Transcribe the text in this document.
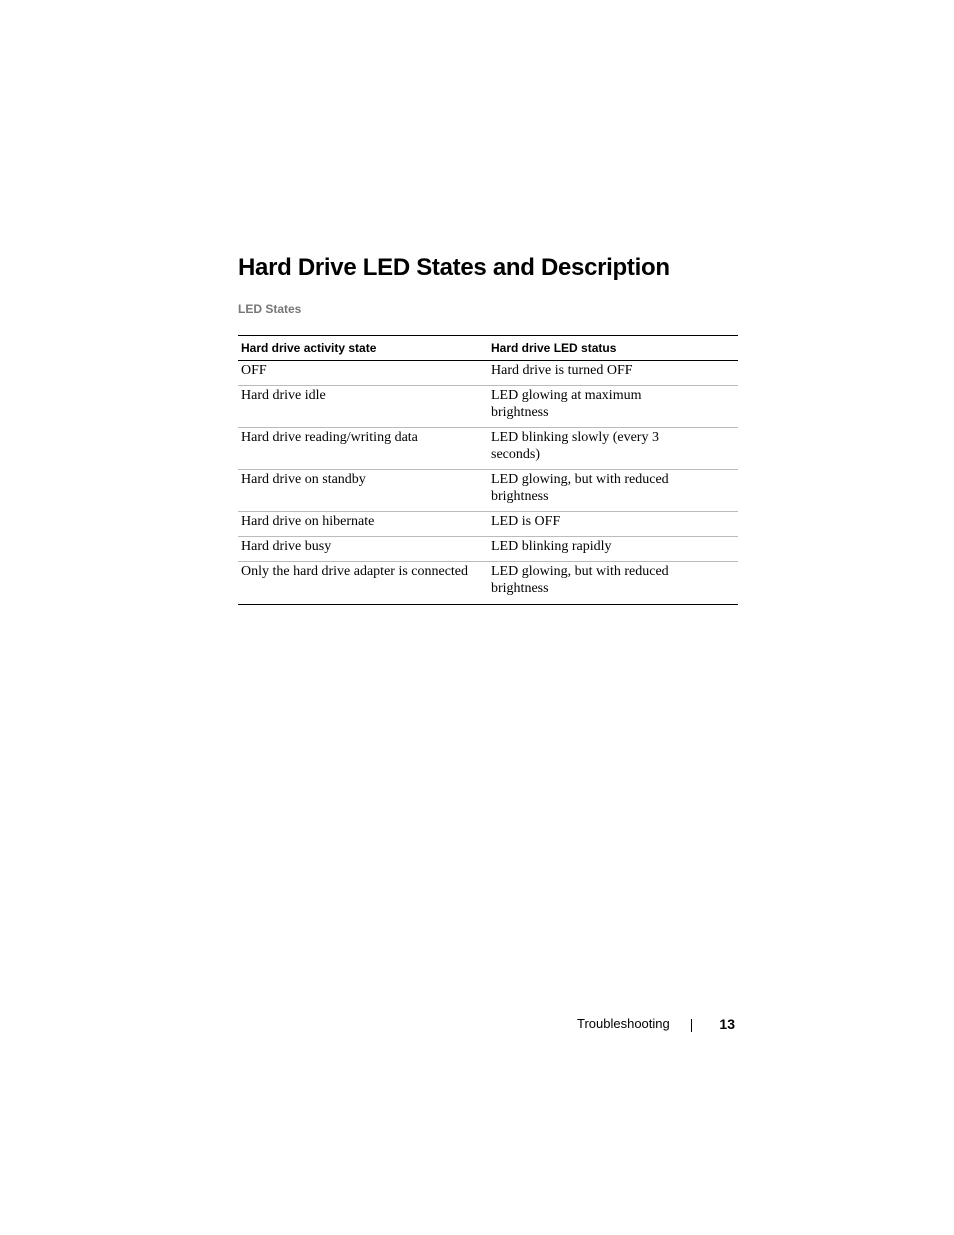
Hard Drive LED States and Description
LED States
Hard drive activity state	Hard drive LED status
OFF	Hard drive is turned OFF
Hard drive idle	LED glowing at maximum brightness
Hard drive reading/writing data	LED blinking slowly (every 3 seconds)
Hard drive on standby	LED glowing, but with reduced brightness
Hard drive on hibernate	LED is OFF
Hard drive busy	LED blinking rapidly
Only the hard drive adapter is connected	LED glowing, but with reduced brightness
Troubleshooting	13
